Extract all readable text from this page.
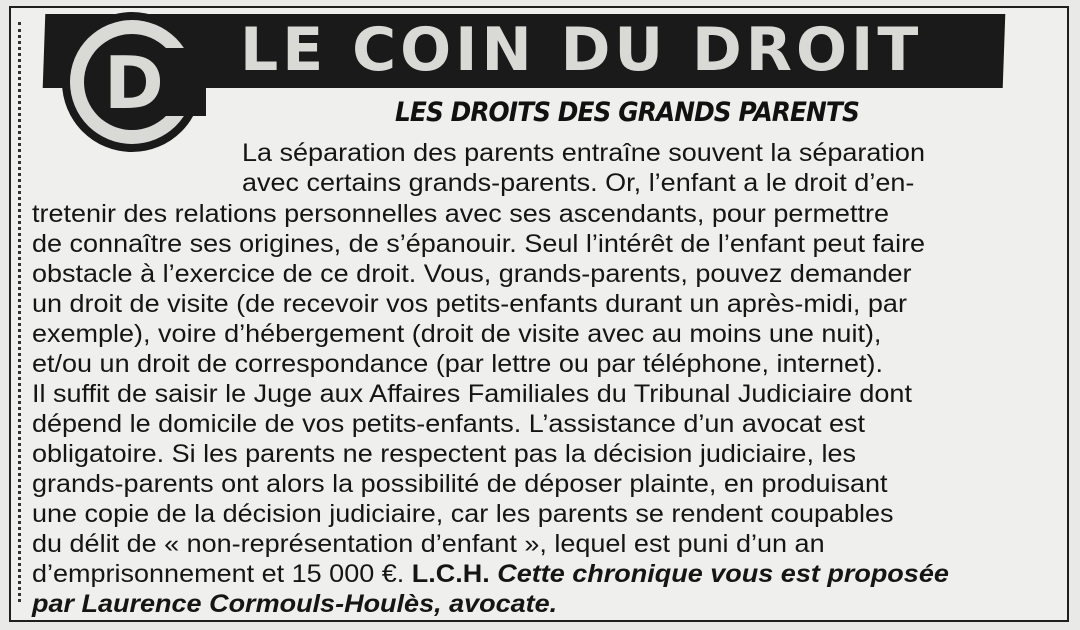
LE COIN DU DROIT
D	LES DROITS DES GRANDS PARENTS
La séparation des parents entraîne souvent la séparation
avec certains grands-parents. Or, l’enfant a le droit d’en-
tretenir des relations personnelles avec ses ascendants, pour permettre
de connaître ses origines, de s’épanouir. Seul l’intérêt de l’enfant peut faire
obstacle à l’exercice de ce droit. Vous, grands-parents, pouvez demander
un droit de visite (de recevoir vos petits-enfants durant un après-midi, par
exemple), voire d’hébergement (droit de visite avec au moins une nuit),
et/ou un droit de correspondance (par lettre ou par téléphone, internet).
Il suffit de saisir le Juge aux Affaires Familiales du Tribunal Judiciaire dont
dépend le domicile de vos petits-enfants. L’assistance d’un avocat est
obligatoire. Si les parents ne respectent pas la décision judiciaire, les
grands-parents ont alors la possibilité de déposer plainte, en produisant
une copie de la décision judiciaire, car les parents se rendent coupables
du délit de « non-représentation d’enfant », lequel est puni d’un an
d’emprisonnement et 15 000 €. L.C.H. Cette chronique vous est proposée
par Laurence Cormouls-Houlès, avocate.
